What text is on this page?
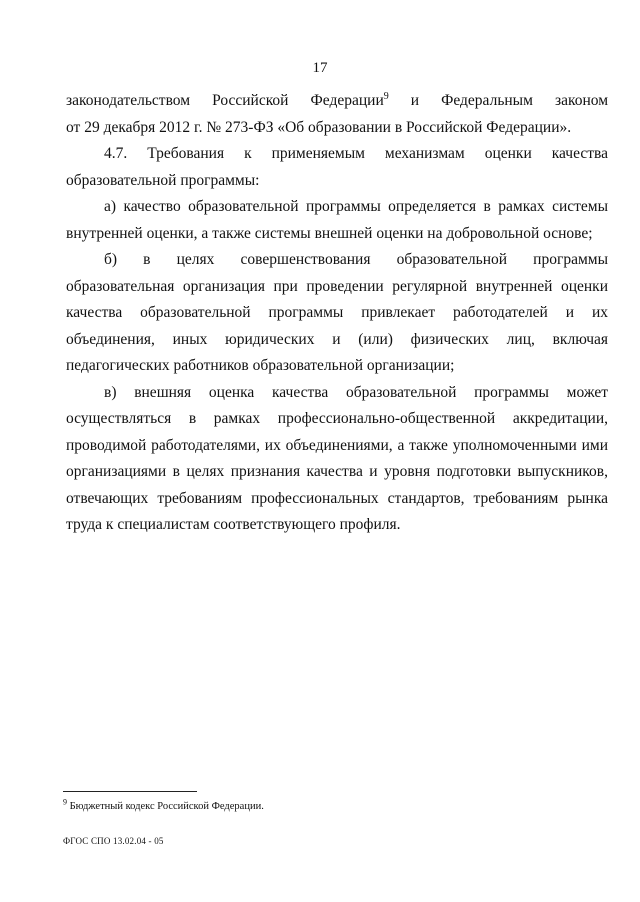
17

законодательством Российской Федерации$^9$ и Федеральным законом
от 29 декабря 2012 г. № 273-ФЗ «Об образовании в Российской Федерации».

4.7. Требования к применяемым механизмам оценки качества образовательной программы:

а) качество образовательной программы определяется в рамках системы внутренней оценки, а также системы внешней оценки на добровольной основе;

б) в целях совершенствования образовательной программы образовательная организация при проведении регулярной внутренней оценки качества образовательной программы привлекает работодателей и их объединения, иных юридических и (или) физических лиц, включая педагогических работников образовательной организации;

в) внешняя оценка качества образовательной программы может осуществляться в рамках профессионально-общественной аккредитации, проводимой работодателями, их объединениями, а также уполномоченными ими организациями в целях признания качества и уровня подготовки выпускников, отвечающих требованиям профессиональных стандартов, требованиям рынка труда к специалистам соответствующего профиля.

$^9$ Бюджетный кодекс Российской Федерации.
ФГОС СПО 13.02.04 - 05
